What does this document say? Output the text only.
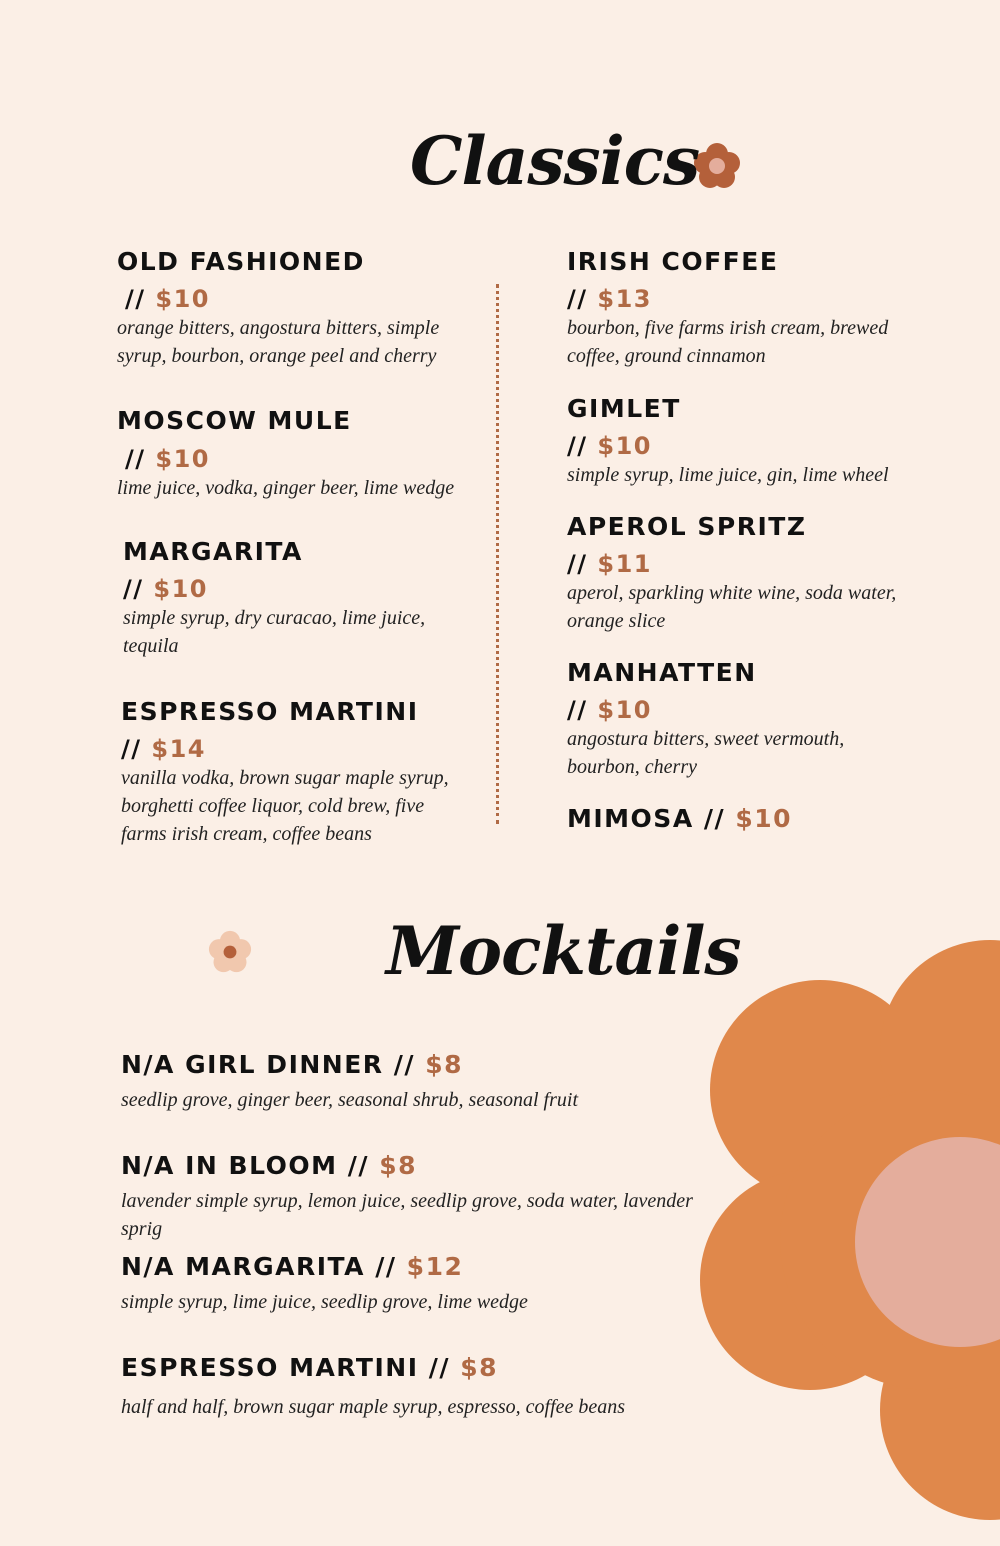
Classics
OLD FASHIONED
// $10
orange bitters, angostura bitters, simple syrup, bourbon, orange peel and cherry
MOSCOW MULE
// $10
lime juice, vodka, ginger beer, lime wedge
MARGARITA
// $10
simple syrup, dry curacao, lime juice, tequila
ESPRESSO MARTINI
// $14
vanilla vodka, brown sugar maple syrup, borghetti coffee liquor, cold brew, five farms irish cream, coffee beans
IRISH COFFEE
// $13
bourbon, five farms irish cream, brewed coffee, ground cinnamon
GIMLET
// $10
simple syrup, lime juice, gin, lime wheel
APEROL SPRITZ
// $11
aperol, sparkling white wine, soda water, orange slice
MANHATTEN
// $10
angostura bitters, sweet vermouth, bourbon, cherry
MIMOSA // $10
Mocktails
N/A GIRL DINNER // $8
seedlip grove, ginger beer, seasonal shrub, seasonal fruit
N/A IN BLOOM // $8
lavender simple syrup, lemon juice, seedlip grove, soda water, lavender sprig
N/A MARGARITA // $12
simple syrup, lime juice, seedlip grove, lime wedge
ESPRESSO MARTINI // $8
half and half, brown sugar maple syrup, espresso, coffee beans
